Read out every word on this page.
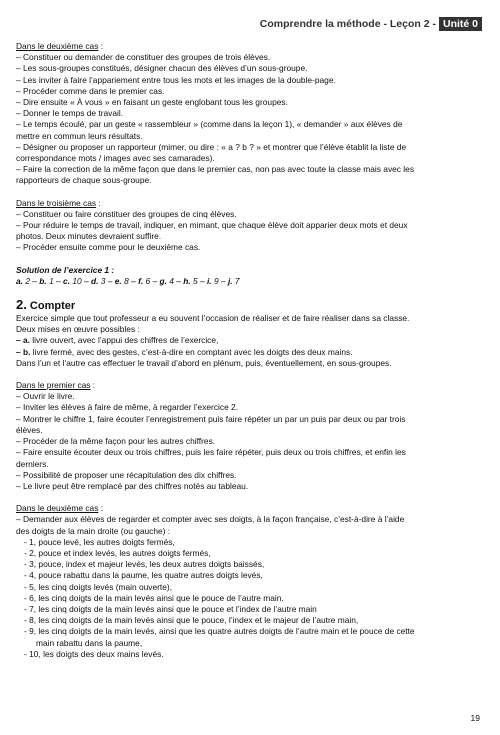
Comprendre la méthode - Leçon 2 - Unité 0
Dans le deuxième cas :
– Constituer ou demander de constituer des groupes de trois élèves.
– Les sous-groupes constitués, désigner chacun des élèves d’un sous-groupe.
– Les inviter à faire l’appariement entre tous les mots et les images de la double-page.
– Procéder comme dans le premier cas.
– Dire ensuite « À vous » en faisant un geste englobant tous les groupes.
– Donner le temps de travail.
– Le temps écoulé, par un geste « rassembleur » (comme dans la leçon 1), « demander » aux élèves de
mettre en commun leurs résultats.
– Désigner ou proposer un rapporteur (mimer, ou dire : « a ? b ? » et montrer que l’élève établit la liste de
correspondance mots / images avec ses camarades).
– Faire la correction de la même façon que dans le premier cas, non pas avec toute la classe mais avec les
rapporteurs de chaque sous-groupe.
Dans le troisième cas :
– Constituer ou faire constituer des groupes de cinq élèves.
– Pour réduire le temps de travail, indiquer, en mimant, que chaque élève doit apparier deux mots et deux
photos. Deux minutes devraient suffire.
– Procéder ensuite comme pour le deuxième cas.
Solution de l’exercice 1 :
a. 2 – b. 1 – c. 10 – d. 3 – e. 8 – f. 6 – g. 4 – h. 5 – i. 9 – j. 7
2. Compter
Exercice simple que tout professeur a eu souvent l’occasion de réaliser et de faire réaliser dans sa classe.
Deux mises en œuvre possibles :
– a. livre ouvert, avec l’appui des chiffres de l’exercice,
– b. livre fermé, avec des gestes, c’est-à-dire en comptant avec les doigts des deux mains.
Dans l’un et l’autre cas effectuer le travail d’abord en plénum, puis, éventuellement, en sous-groupes.
Dans le premier cas :
– Ouvrir le livre.
– Inviter les élèves à faire de même, à regarder l’exercice 2.
– Montrer le chiffre 1, faire écouter l’enregistrement puis faire répéter un par un puis par deux ou par trois
élèves.
– Procéder de la même façon pour les autres chiffres.
– Faire ensuite écouter deux ou trois chiffres, puis les faire répéter, puis deux ou trois chiffres, et enfin les
derniers.
– Possibilité de proposer une récapitulation des dix chiffres.
– Le livre peut être remplacé par des chiffres notés au tableau.
Dans le deuxième cas :
– Demander aux élèves de regarder et compter avec ses doigts, à la façon française, c’est-à-dire à l’aide
des doigts de la main droite (ou gauche) :
- 1, pouce levé, les autres doigts fermés,
- 2, pouce et index levés, les autres doigts fermés,
- 3, pouce, index et majeur levés, les deux autres doigts baissés,
- 4, pouce rabattu dans la paume, les quatre autres doigts levés,
- 5, les cinq doigts levés (main ouverte),
- 6, les cinq doigts de la main levés ainsi que le pouce de l’autre main,
- 7, les cinq doigts de la main levés ainsi que le pouce et l’index de l’autre main
- 8, les cinq doigts de la main levés ainsi que le pouce, l’index et le majeur de l’autre main,
- 9, les cinq doigts de la main levés, ainsi que les quatre autres doigts de l’autre main et le pouce de cette
main rabattu dans la paume,
- 10, les doigts des deux mains levés.
19
